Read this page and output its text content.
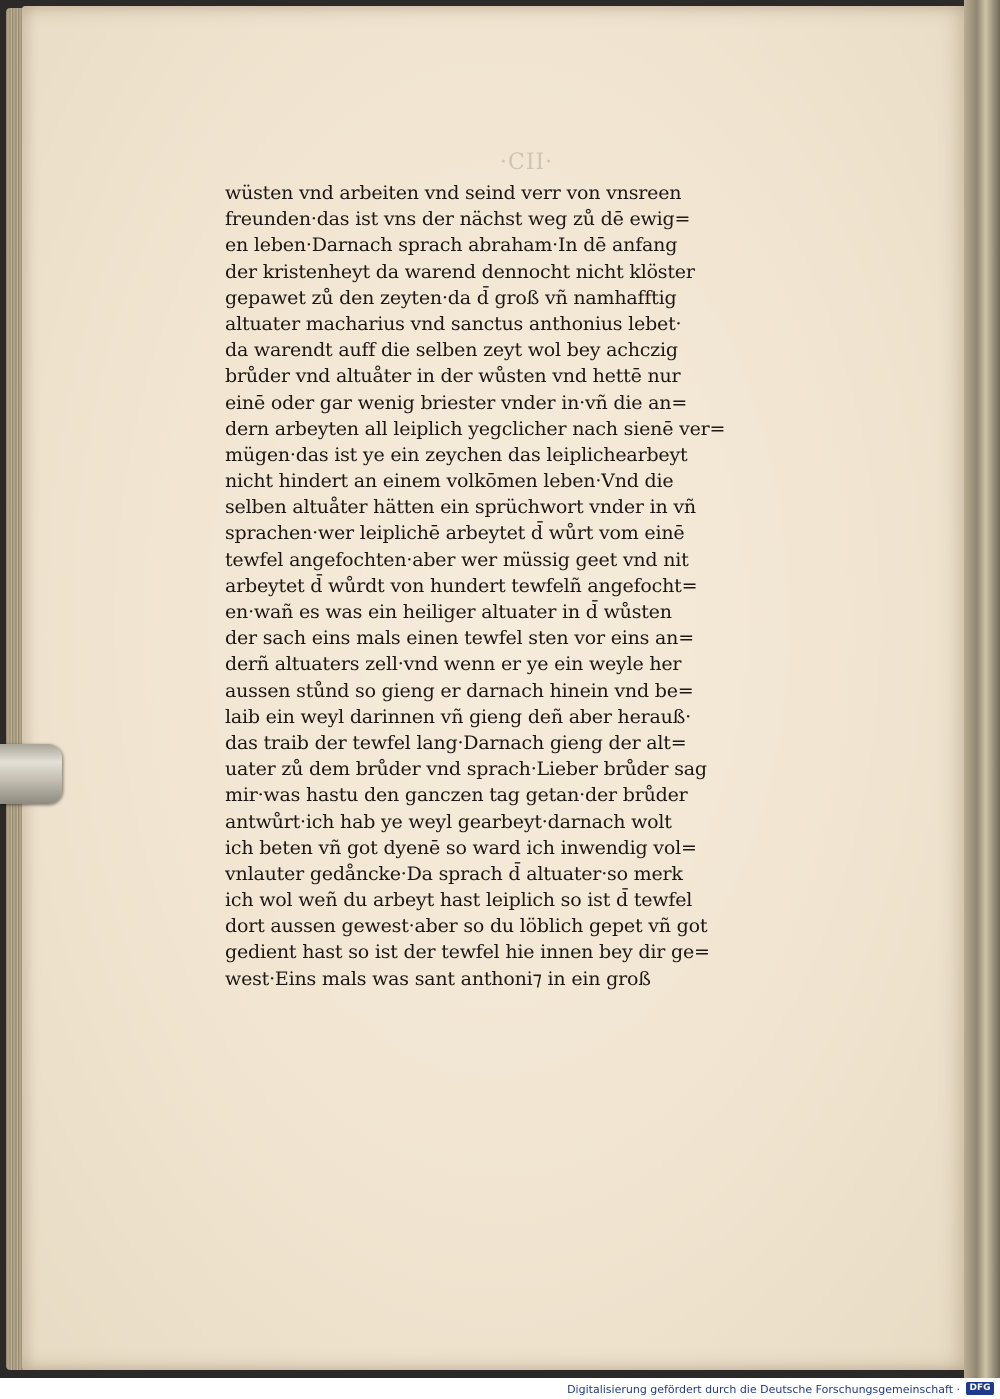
·CII·
wüsten vnd arbeiten vnd seind verr von vnsreen
freunden·das ist vns der nächst weg zů dē ewig=
en leben·Darnach sprach abraham·In dē anfang
der kristenheyt da warend dennocht nicht klöster
gepawet zů den zeyten·da d̄ groß vñ namhafftig
altuater macharius vnd sanctus anthonius lebet·
da warendt auff die selben zeyt wol bey achczig
brůder vnd altuåter in der wůsten vnd hettē nur
einē oder gar wenig briester vnder in·vñ die an=
dern arbeyten all leiplich yegclicher nach sienē ver=
mügen·das ist ye ein zeychen das leiplichearbeyt
nicht hindert an einem volkōmen leben·Vnd die
selben altuåter hätten ein sprüchwort vnder in vñ
sprachen·wer leiplichē arbeytet d̄ wůrt vom einē
tewfel angefochten·aber wer müssig geet vnd nit
arbeytet d̄ wůrdt von hundert tewfelñ angefocht=
en·wañ es was ein heiliger altuater in d̄ wůsten
der sach eins mals einen tewfel sten vor eins an=
derñ altuaters zell·vnd wenn er ye ein weyle her
aussen stůnd so gieng er darnach hinein vnd be=
laib ein weyl darinnen vñ gieng deñ aber herauß·
das traib der tewfel lang·Darnach gieng der alt=
uater zů dem brůder vnd sprach·Lieber brůder sag
mir·was hastu den ganczen tag getan·der brůder
antwůrt·ich hab ye weyl gearbeyt·darnach wolt
ich beten vñ got dyenē so ward ich inwendig vol=
vnlauter gedåncke·Da sprach d̄ altuater·so merk
ich wol weñ du arbeyt hast leiplich so ist d̄ tewfel
dort aussen gewest·aber so du löblich gepet vñ got
gedient hast so ist der tewfel hie innen bey dir ge=
west·Eins mals was sant anthoni⁊ in ein groß
Digitalisierung gefördert durch die Deutsche Forschungsgemeinschaft ·	DFG
